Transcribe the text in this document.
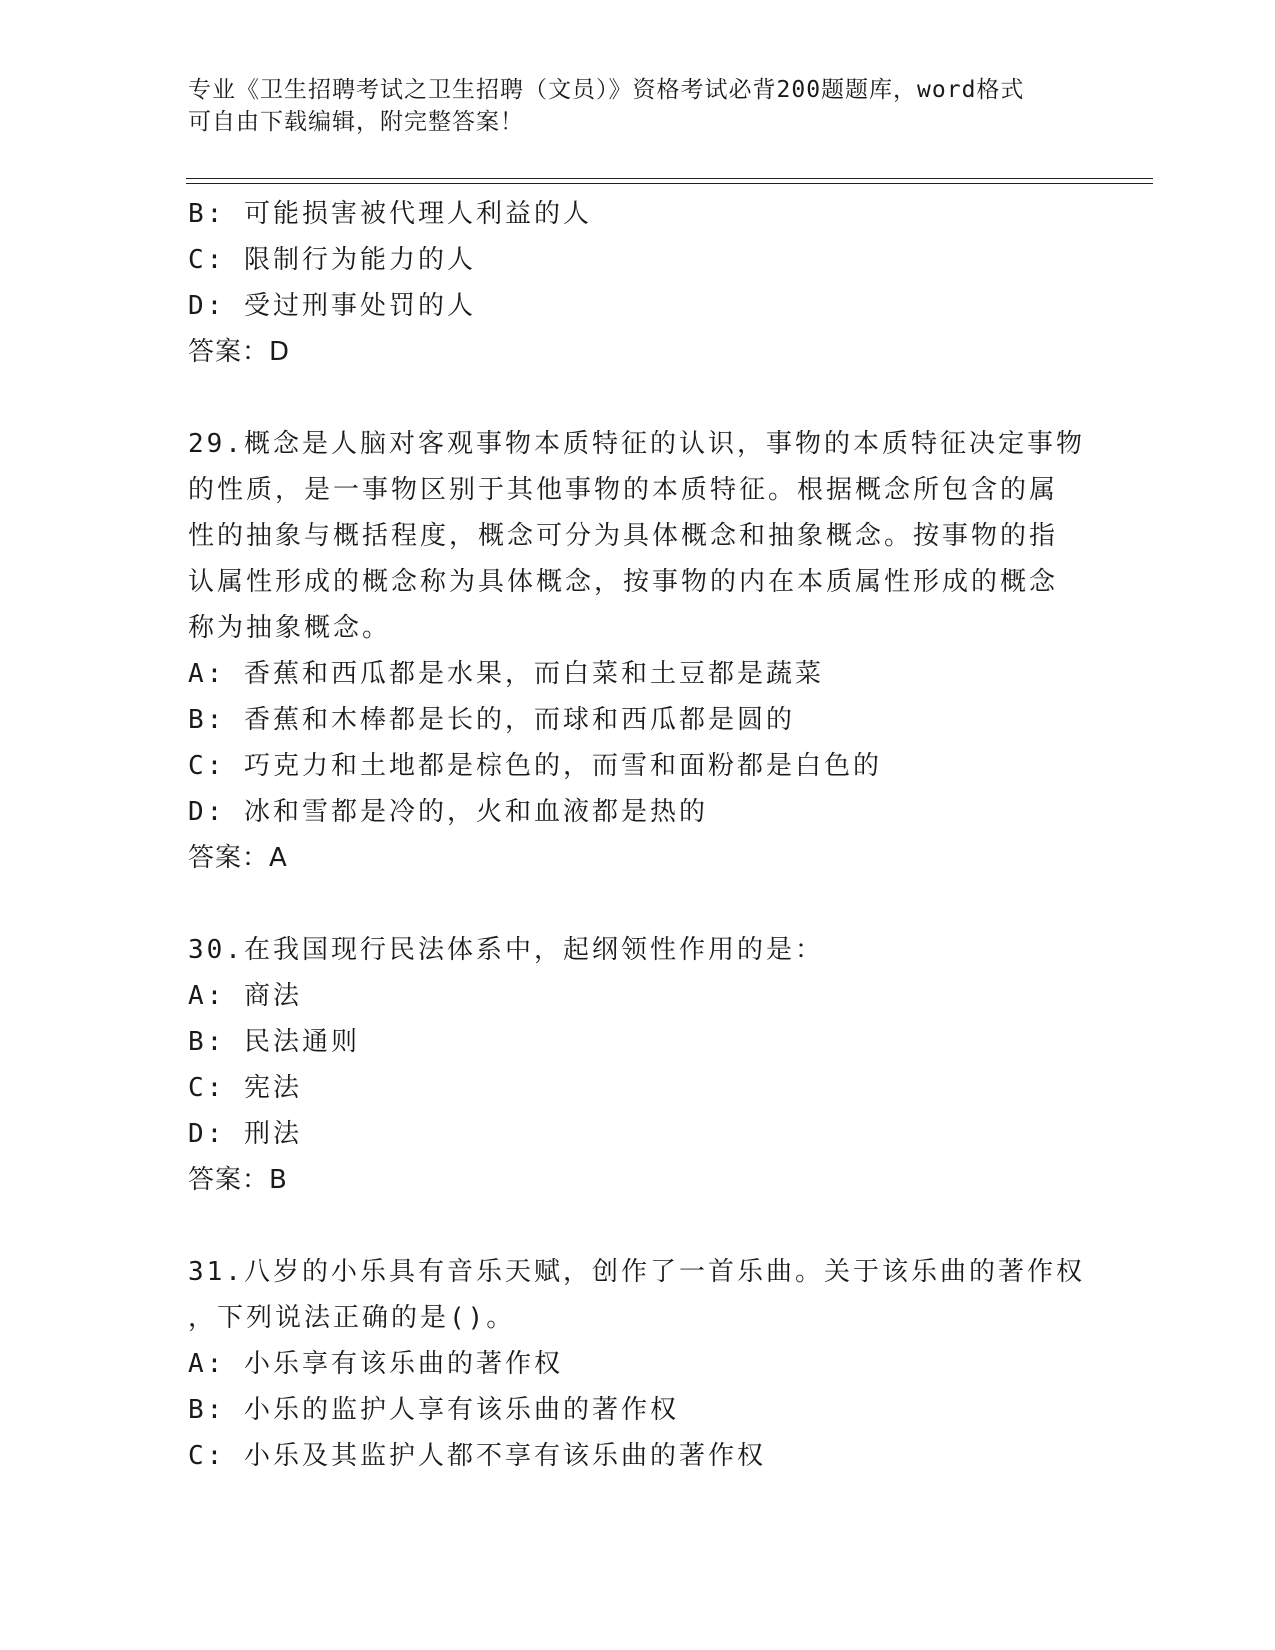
专业《卫生招聘考试之卫生招聘（文员）》资格考试必背200题题库，word格式
可自由下载编辑，附完整答案！
B: 可能损害被代理人利益的人
C: 限制行为能力的人
D: 受过刑事处罚的人
答案：D
29.概念是人脑对客观事物本质特征的认识，事物的本质特征决定事物
的性质，是一事物区别于其他事物的本质特征。根据概念所包含的属
性的抽象与概括程度，概念可分为具体概念和抽象概念。按事物的指
认属性形成的概念称为具体概念，按事物的内在本质属性形成的概念
称为抽象概念。
A: 香蕉和西瓜都是水果，而白菜和土豆都是蔬菜
B: 香蕉和木棒都是长的，而球和西瓜都是圆的
C: 巧克力和土地都是棕色的，而雪和面粉都是白色的
D: 冰和雪都是冷的，火和血液都是热的
答案：A
30.在我国现行民法体系中，起纲领性作用的是：
A: 商法
B: 民法通则
C: 宪法
D: 刑法
答案：B
31.八岁的小乐具有音乐天赋，创作了一首乐曲。关于该乐曲的著作权
，下列说法正确的是()。
A: 小乐享有该乐曲的著作权
B: 小乐的监护人享有该乐曲的著作权
C: 小乐及其监护人都不享有该乐曲的著作权
